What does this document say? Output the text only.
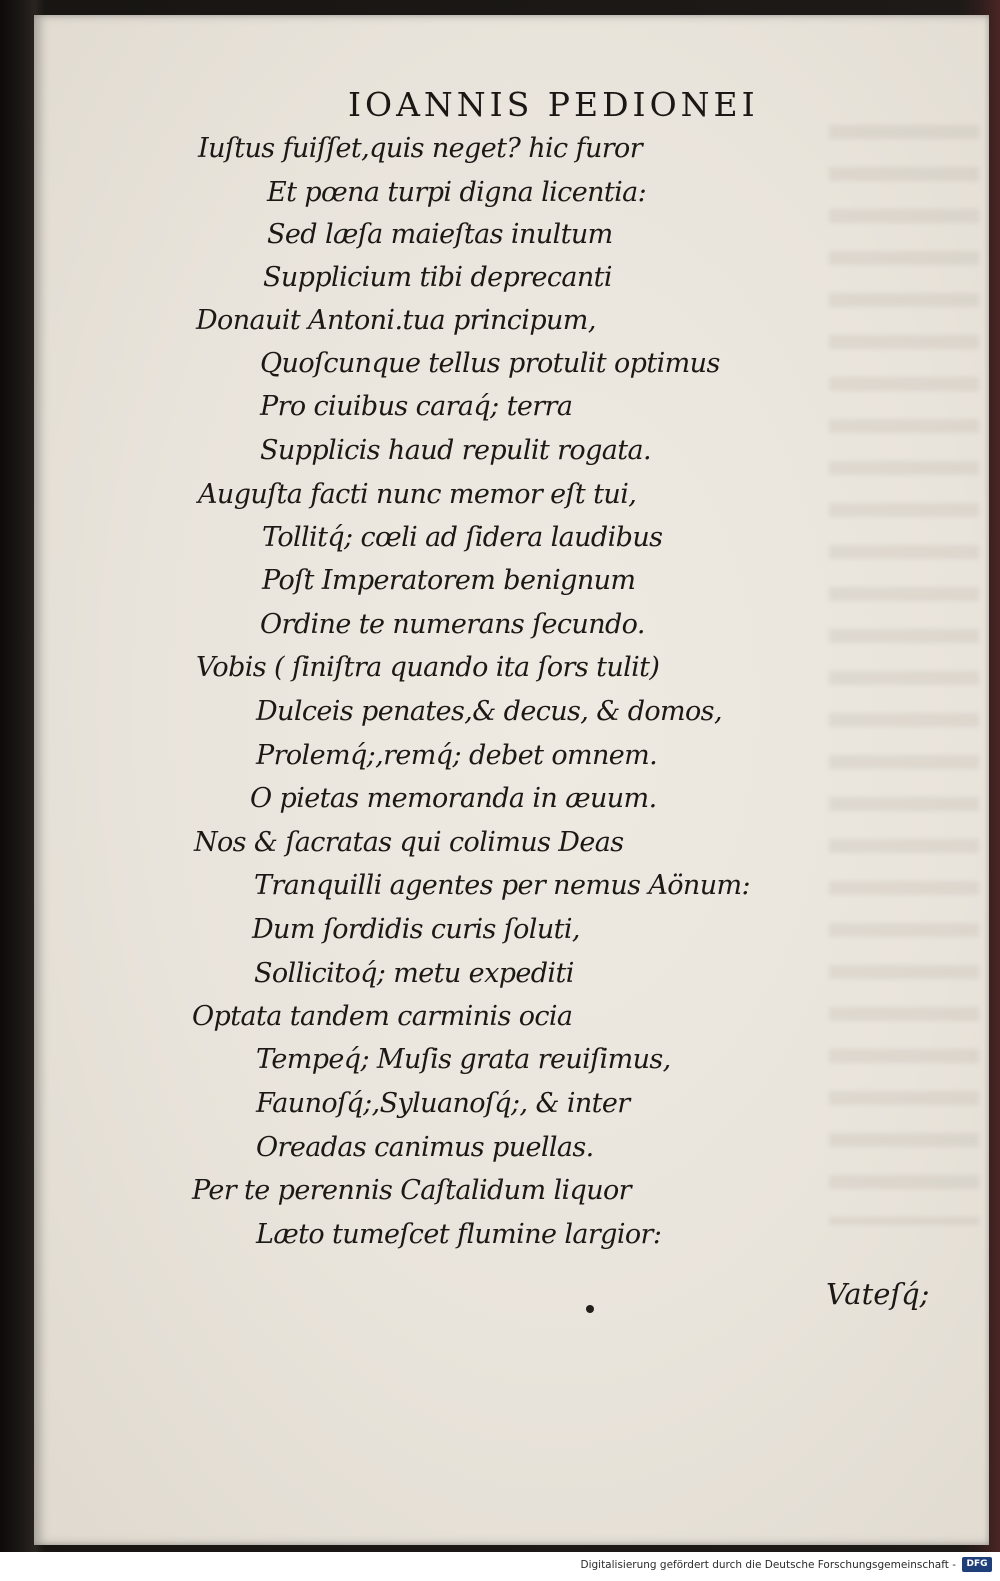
IOANNIS PEDIONEI
Iuſtus fuiſſet,quis neget? hic furor
Et pœna turpi digna licentia:
Sed læſa maieſtas inultum
Supplicium tibi deprecanti
Donauit Antoni.tua principum,
Quoſcunque tellus protulit optimus
Pro ciuibus caraq́; terra
Supplicis haud repulit rogata.
Auguſta facti nunc memor eſt tui,
Tollitq́; cœli ad ſidera laudibus
Poſt Imperatorem benignum
Ordine te numerans ſecundo.
Vobis ( ſiniſtra quando ita ſors tulit)
Dulceis penates,& decus, & domos,
Prolemq́;,remq́; debet omnem.
O pietas memoranda in æuum.
Nos & ſacratas qui colimus Deas
Tranquilli agentes per nemus Aönum:
Dum ſordidis curis ſoluti,
Sollicitoq́; metu expediti
Optata tandem carminis ocia
Tempeq́; Muſis grata reuiſimus,
Faunoſq́;,Syluanoſq́;, & inter
Oreadas canimus puellas.
Per te perennis Caſtalidum liquor
Læto tumeſcet flumine largior:
Vateſq́;
Digitalisierung gefördert durch die Deutsche Forschungsgemeinschaft -	DFG
